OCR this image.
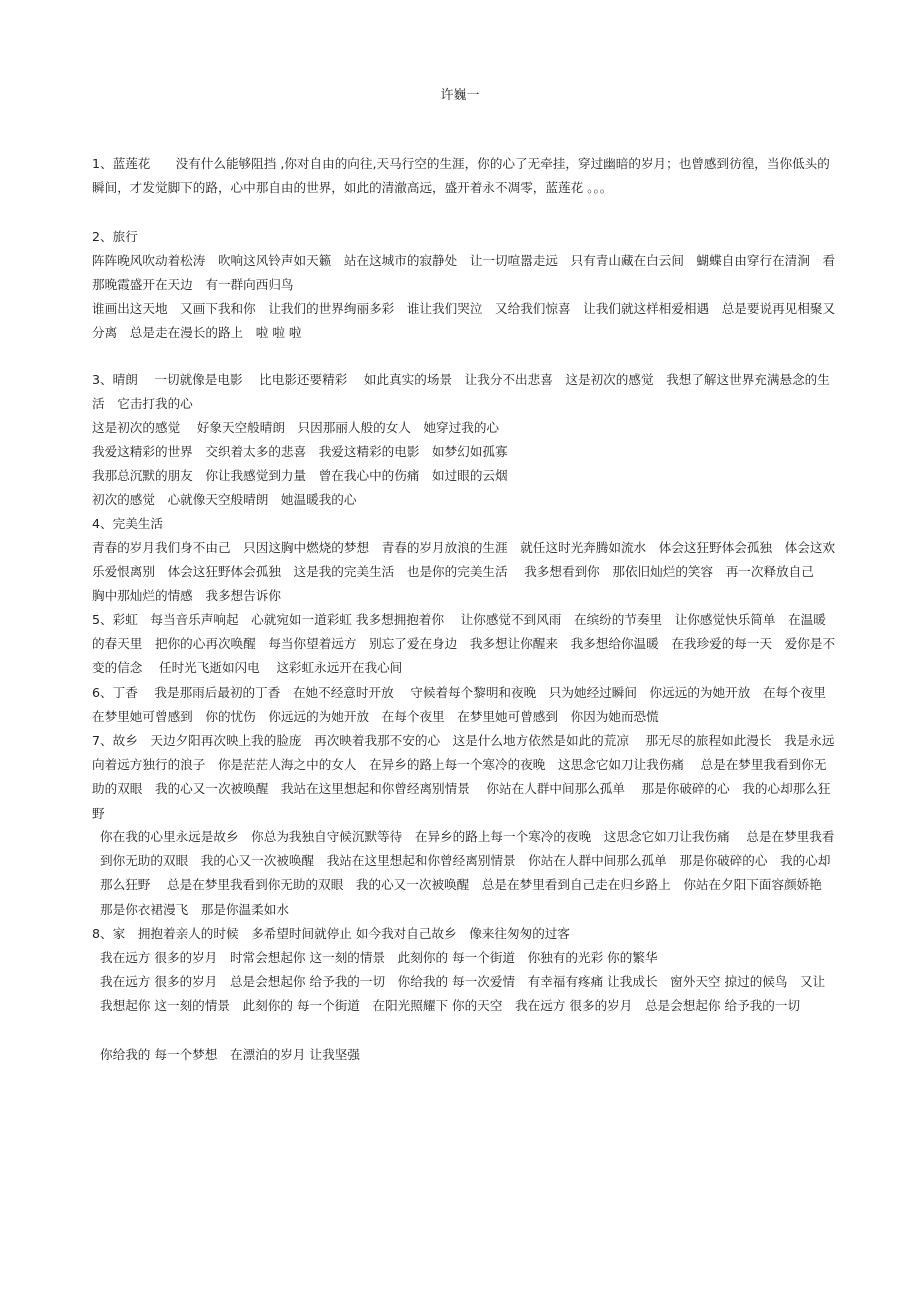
许巍一
1、蓝莲花　　没有什么能够阻挡 ,你对自由的向往,天马行空的生涯，你的心了无牵挂，穿过幽暗的岁月；也曾感到彷徨，当你低头的瞬间，才发觉脚下的路，心中那自由的世界，如此的清澈高远，盛开着永不凋零，蓝莲花 。。。
2、旅行
阵阵晚风吹动着松涛　吹响这风铃声如天籁　站在这城市的寂静处　让一切喧嚣走远　只有青山藏在白云间　蝴蝶自由穿行在清涧　看那晚霞盛开在天边　有一群向西归鸟
谁画出这天地　又画下我和你　让我们的世界绚丽多彩　谁让我们哭泣　又给我们惊喜　让我们就这样相爱相遇　总是要说再见相聚又分离　总是走在漫长的路上　啦 啦 啦
3、晴朗　 一切就像是电影　 比电影还要精彩　 如此真实的场景　让我分不出悲喜　这是初次的感觉　我想了解这世界充满悬念的生活　它击打我的心
这是初次的感觉　 好象天空般晴朗　只因那丽人般的女人　她穿过我的心
我爱这精彩的世界　交织着太多的悲喜　我爱这精彩的电影　如梦幻如孤寡
我那总沉默的朋友　你让我感觉到力量　曾在我心中的伤痛　如过眼的云烟
初次的感觉　心就像天空般晴朗　她温暖我的心
4、完美生活
青春的岁月我们身不由己　只因这胸中燃烧的梦想　青春的岁月放浪的生涯　就任这时光奔腾如流水　体会这狂野体会孤独　体会这欢乐爱恨离别　体会这狂野体会孤独　这是我的完美生活　也是你的完美生活　 我多想看到你　那依旧灿烂的笑容　再一次释放自己　胸中那灿烂的情感　我多想告诉你
5、彩虹　每当音乐声响起　心就宛如一道彩虹 我多想拥抱着你　 让你感觉不到风雨　在缤纷的节奏里　让你感觉快乐简单　在温暖的春天里　把你的心再次唤醒　每当你望着远方　别忘了爱在身边　我多想让你醒来　我多想给你温暖　在我珍爱的每一天　爱你是不变的信念　 任时光飞逝如闪电　 这彩虹永远开在我心间
6、丁香　 我是那雨后最初的丁香　在她不经意时开放　 守候着每个黎明和夜晚　只为她经过瞬间　你远远的为她开放　在每个夜里　在梦里她可曾感到　你的忧伤　你远远的为她开放　在每个夜里　在梦里她可曾感到　你因为她而恐慌
7、故乡　天边夕阳再次映上我的脸庞　再次映着我那不安的心　这是什么地方依然是如此的荒凉　 那无尽的旅程如此漫长　我是永远向着远方独行的浪子　你是茫茫人海之中的女人　在异乡的路上每一个寒冷的夜晚　这思念它如刀让我伤痛　 总是在梦里我看到你无助的双眼　我的心又一次被唤醒　我站在这里想起和你曾经离别情景　 你站在人群中间那么孤单　 那是你破碎的心　我的心却那么狂野
你在我的心里永远是故乡　你总为我独自守候沉默等待　在异乡的路上每一个寒冷的夜晚　这思念它如刀让我伤痛　 总是在梦里我看到你无助的双眼　我的心又一次被唤醒　我站在这里想起和你曾经离别情景　你站在人群中间那么孤单　那是你破碎的心　我的心却那么狂野　 总是在梦里我看到你无助的双眼　我的心又一次被唤醒　总是在梦里看到自己走在归乡路上　你站在夕阳下面容颜娇艳　那是你衣裙漫飞　那是你温柔如水
8、家　拥抱着亲人的时候　多希望时间就停止 如今我对自己故乡　像来往匆匆的过客
我在远方 很多的岁月　时常会想起你 这一刻的情景　此刻你的 每一个街道　你独有的光彩 你的繁华
我在远方 很多的岁月　总是会想起你 给予我的一切　你给我的 每一次爱情　有幸福有疼痛 让我成长　窗外天空 掠过的候鸟　又让我想起你 这一刻的情景　此刻你的 每一个街道　在阳光照耀下 你的天空　我在远方 很多的岁月　总是会想起你 给予我的一切
你给我的 每一个梦想　在漂泊的岁月 让我坚强
